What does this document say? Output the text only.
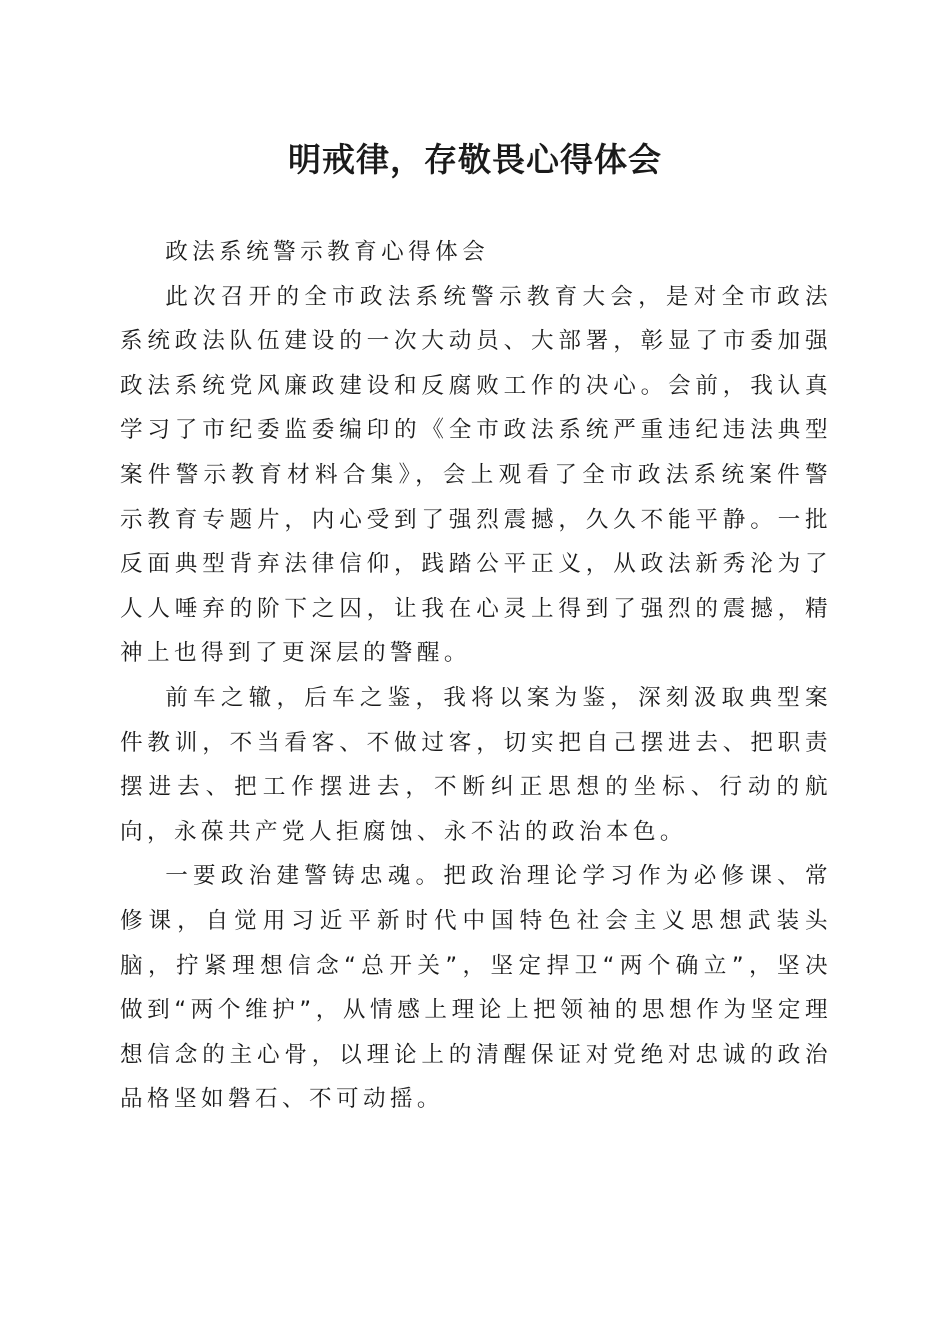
明戒律，存敬畏心得体会

政法系统警示教育心得体会

此次召开的全市政法系统警示教育大会，是对全市政法系统政法队伍建设的一次大动员、大部署，彰显了市委加强政法系统党风廉政建设和反腐败工作的决心。会前，我认真学习了市纪委监委编印的《全市政法系统严重违纪违法典型案件警示教育材料合集》，会上观看了全市政法系统案件警示教育专题片，内心受到了强烈震撼，久久不能平静。一批反面典型背弃法律信仰，践踏公平正义，从政法新秀沦为了人人唾弃的阶下之囚，让我在心灵上得到了强烈的震撼，精神上也得到了更深层的警醒。

前车之辙，后车之鉴，我将以案为鉴，深刻汲取典型案件教训，不当看客、不做过客，切实把自己摆进去、把职责摆进去、把工作摆进去，不断纠正思想的坐标、行动的航向，永葆共产党人拒腐蚀、永不沾的政治本色。

一要政治建警铸忠魂。把政治理论学习作为必修课、常修课，自觉用习近平新时代中国特色社会主义思想武装头脑，拧紧理想信念“总开关”，坚定捍卫“两个确立”，坚决做到“两个维护”，从情感上理论上把领袖的思想作为坚定理想信念的主心骨，以理论上的清醒保证对党绝对忠诚的政治品格坚如磐石、不可动摇。
